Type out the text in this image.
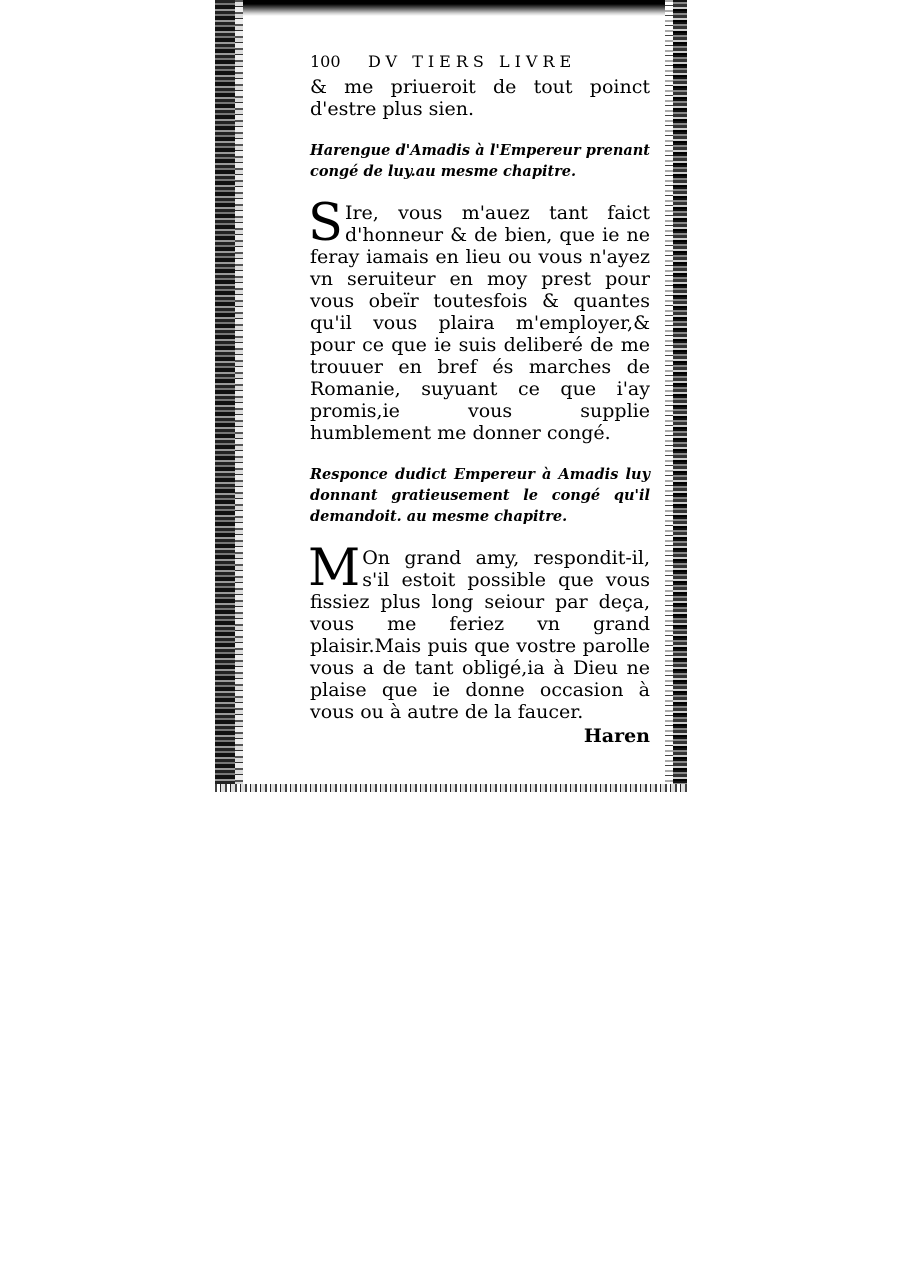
100 DV TIERS LIVRE

& me priueroit de tout poinct d'estre plus sien.

Harengue d'Amadis à l'Empereur prenant congé de luy.au mesme chapitre.

S Ire, vous m'auez tant faict d'honneur & de bien, que ie ne feray iamais en lieu ou vous n'ayez vn seruiteur en moy prest pour vous obeïr toutesfois & quantes qu'il vous plaira m'employer,& pour ce que ie suis deliberé de me trouuer en bref és marches de Romanie, suyuant ce que i'ay promis,ie vous supplie humblement me donner congé.

Responce dudict Empereur à Amadis luy donnant gratieusement le congé qu'il demandoit. au mesme chapitre.

M On grand amy, respondit-il, s'il estoit possible que vous fissiez plus long seiour par deça, vous me feriez vn grand plaisir.Mais puis que vostre parolle vous a de tant obligé,ia à Dieu ne plaise que ie donne occasion à vous ou à autre de la faucer.

Haren
